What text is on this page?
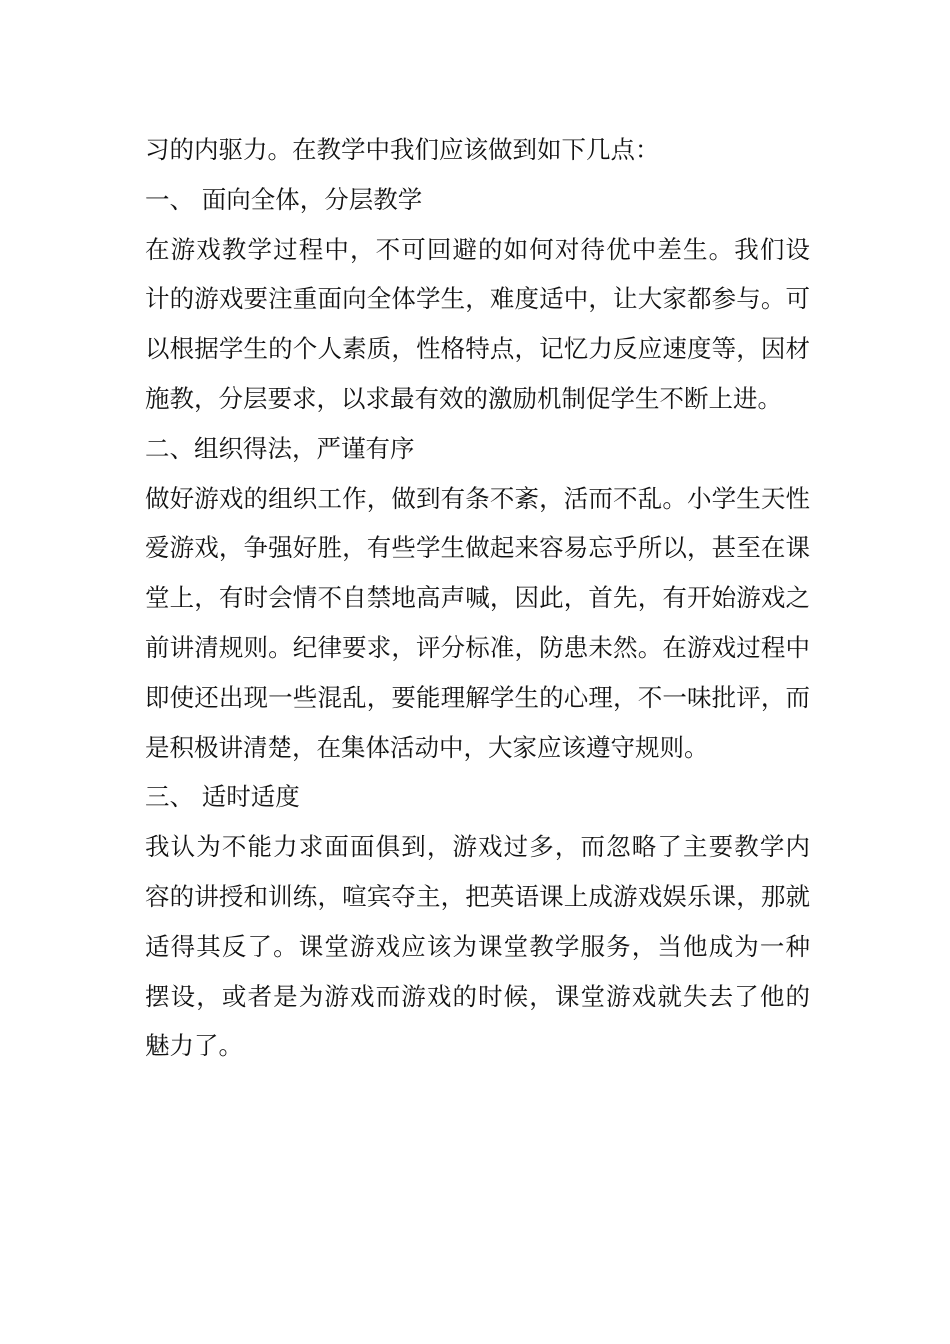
习的内驱力。在教学中我们应该做到如下几点：
一、 面向全体，分层教学
在游戏教学过程中，不可回避的如何对待优中差生。我们设
计的游戏要注重面向全体学生，难度适中，让大家都参与。可
以根据学生的个人素质，性格特点，记忆力反应速度等，因材
施教，分层要求，以求最有效的激励机制促学生不断上进。
二、组织得法，严谨有序
做好游戏的组织工作，做到有条不紊，活而不乱。小学生天性
爱游戏，争强好胜，有些学生做起来容易忘乎所以，甚至在课
堂上，有时会情不自禁地高声喊，因此，首先，有开始游戏之
前讲清规则。纪律要求，评分标准，防患未然。在游戏过程中
即使还出现一些混乱，要能理解学生的心理，不一味批评，而
是积极讲清楚，在集体活动中，大家应该遵守规则。
三、 适时适度
我认为不能力求面面俱到，游戏过多，而忽略了主要教学内
容的讲授和训练，喧宾夺主，把英语课上成游戏娱乐课，那就
适得其反了。课堂游戏应该为课堂教学服务，当他成为一种
摆设，或者是为游戏而游戏的时候，课堂游戏就失去了他的
魅力了。
